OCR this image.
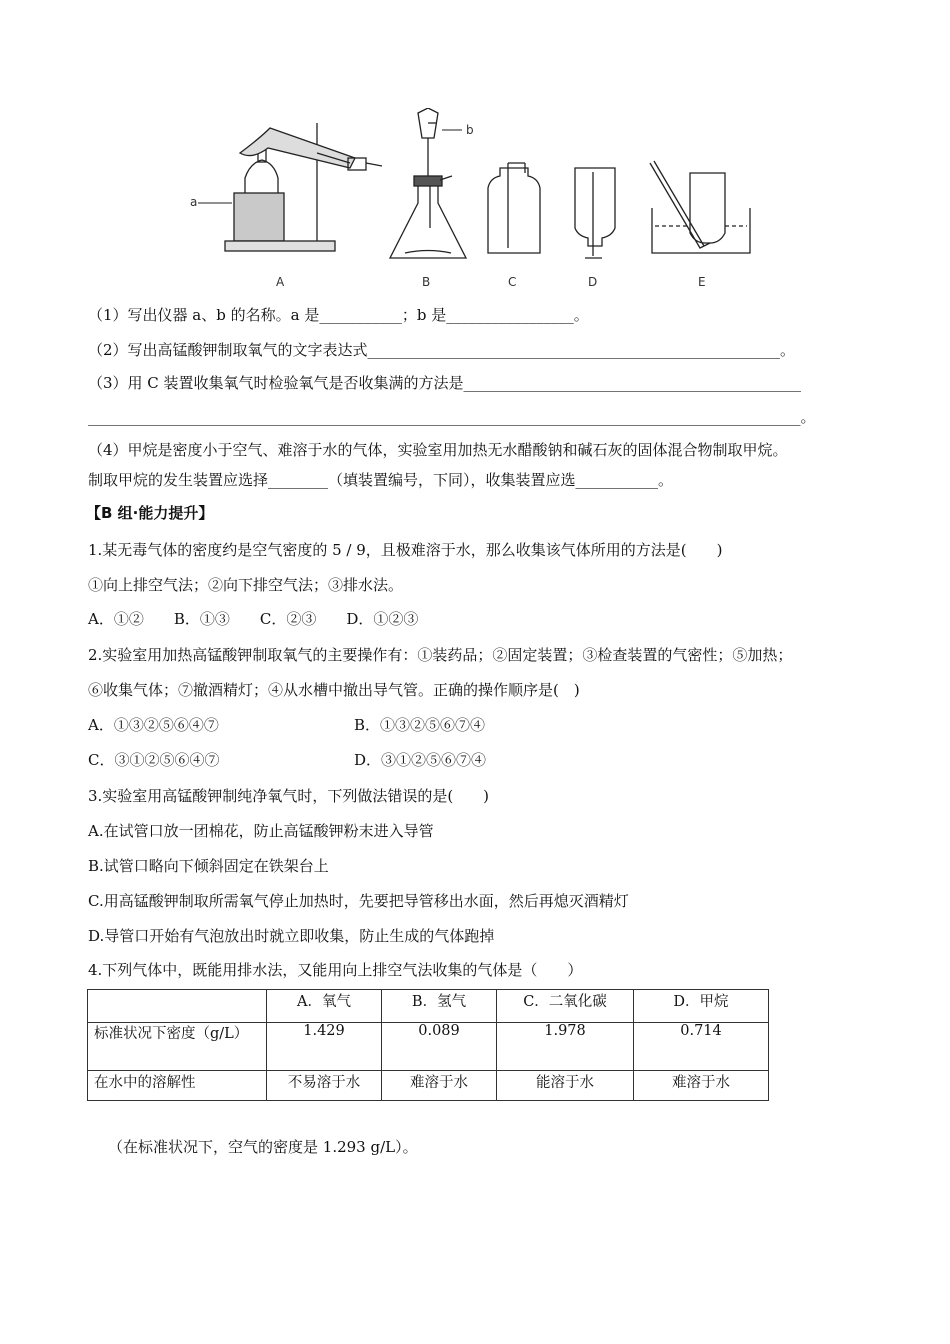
a
b
A	B	C	D	E
（1）写出仪器 a、b 的名称。a 是___________；b 是_________________。
（2）写出高锰酸钾制取氧气的文字表达式_______________________________________________________。
（3）用 C 装置收集氧气时检验氧气是否收集满的方法是_____________________________________________
_______________________________________________________________________________________________。
（4）甲烷是密度小于空气、难溶于水的气体，实验室用加热无水醋酸钠和碱石灰的固体混合物制取甲烷。
制取甲烷的发生装置应选择________（填装置编号，下同），收集装置应选___________。
【B 组·能力提升】
1.某无毒气体的密度约是空气密度的 5 / 9，且极难溶于水，那么收集该气体所用的方法是(　　)
①向上排空气法；②向下排空气法；③排水法。
A．①②　　B．①③　　C．②③　　D．①②③
2.实验室用加热高锰酸钾制取氧气的主要操作有：①装药品；②固定装置；③检查装置的气密性；⑤加热；
⑥收集气体；⑦撤酒精灯；④从水槽中撤出导气管。正确的操作顺序是(　)
A．①③②⑤⑥④⑦	B．①③②⑤⑥⑦④
C．③①②⑤⑥④⑦	D．③①②⑤⑥⑦④
3.实验室用高锰酸钾制纯净氧气时，下列做法错误的是(　　)
A.在试管口放一团棉花，防止高锰酸钾粉末进入导管
B.试管口略向下倾斜固定在铁架台上
C.用高锰酸钾制取所需氧气停止加热时，先要把导管移出水面，然后再熄灭酒精灯
D.导管口开始有气泡放出时就立即收集，防止生成的气体跑掉
4.下列气体中，既能用排水法，又能用向上排空气法收集的气体是（　　）
	A．氧气	B．氢气	C．二氧化碳	D．甲烷
标准状况下密度（g/L）	1.429	0.089	1.978	0.714
在水中的溶解性	不易溶于水	难溶于水	能溶于水	难溶于水
（在标准状况下，空气的密度是 1.293 g/L）。
